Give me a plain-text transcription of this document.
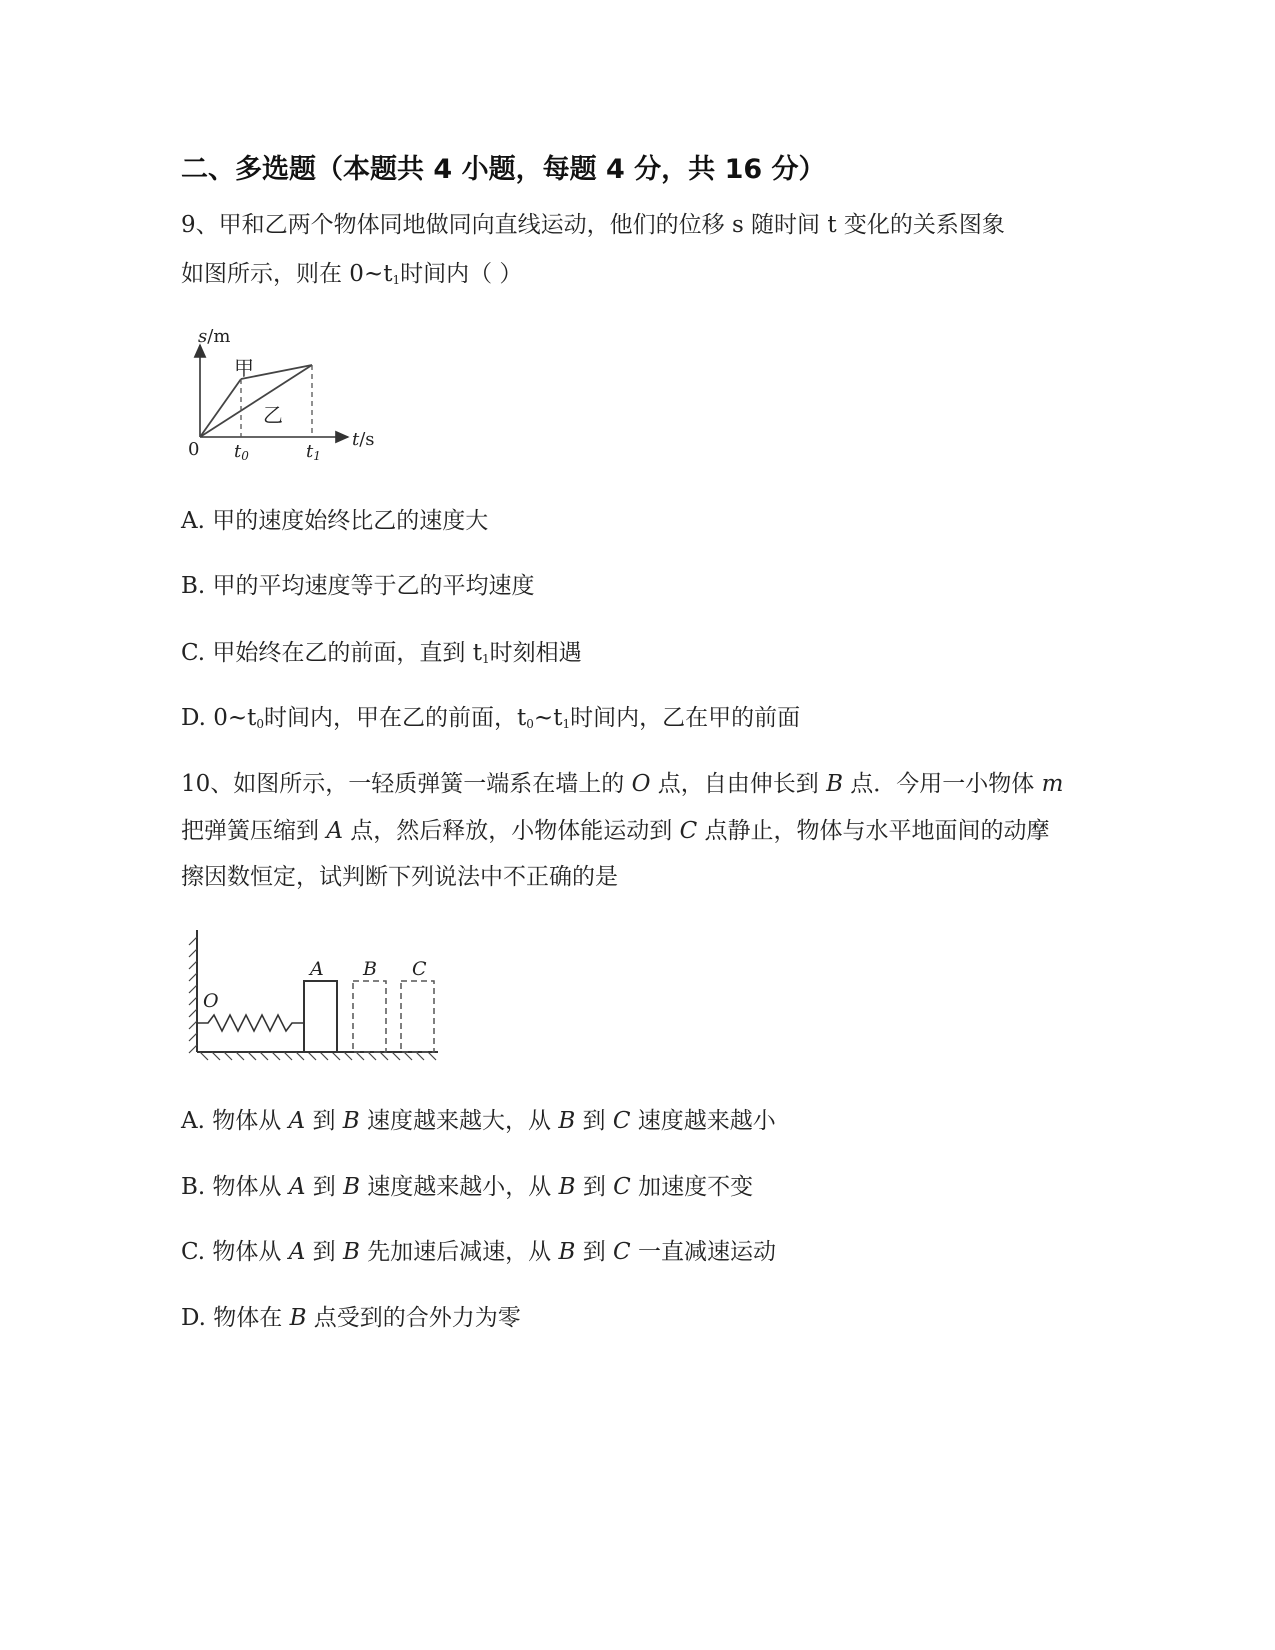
二、多选题（本题共 4 小题，每题 4 分，共 16 分）
9、甲和乙两个物体同地做同向直线运动，他们的位移 s 随时间 t 变化的关系图象
如图所示，则在 $0\sim t_1$时间内（ ）
s/m
t/s
0 t0	t1
甲
乙
A. 甲的速度始终比乙的速度大
B. 甲的平均速度等于乙的平均速度
C. 甲始终在乙的前面，直到 $t_1$时刻相遇
D. $0\sim t_0$时间内，甲在乙的前面，$t_0\sim t_1$时间内，乙在甲的前面
10、如图所示，一轻质弹簧一端系在墙上的 O 点，自由伸长到 B 点．今用一小物体 m
把弹簧压缩到 A 点，然后释放，小物体能运动到 C 点静止，物体与水平地面间的动摩
擦因数恒定，试判断下列说法中不正确的是
O
A B C
A. 物体从 A 到 B 速度越来越大，从 B 到 C 速度越来越小
B. 物体从 A 到 B 速度越来越小，从 B 到 C 加速度不变
C. 物体从 A 到 B 先加速后减速，从 B 到 C 一直减速运动
D. 物体在 B 点受到的合外力为零
